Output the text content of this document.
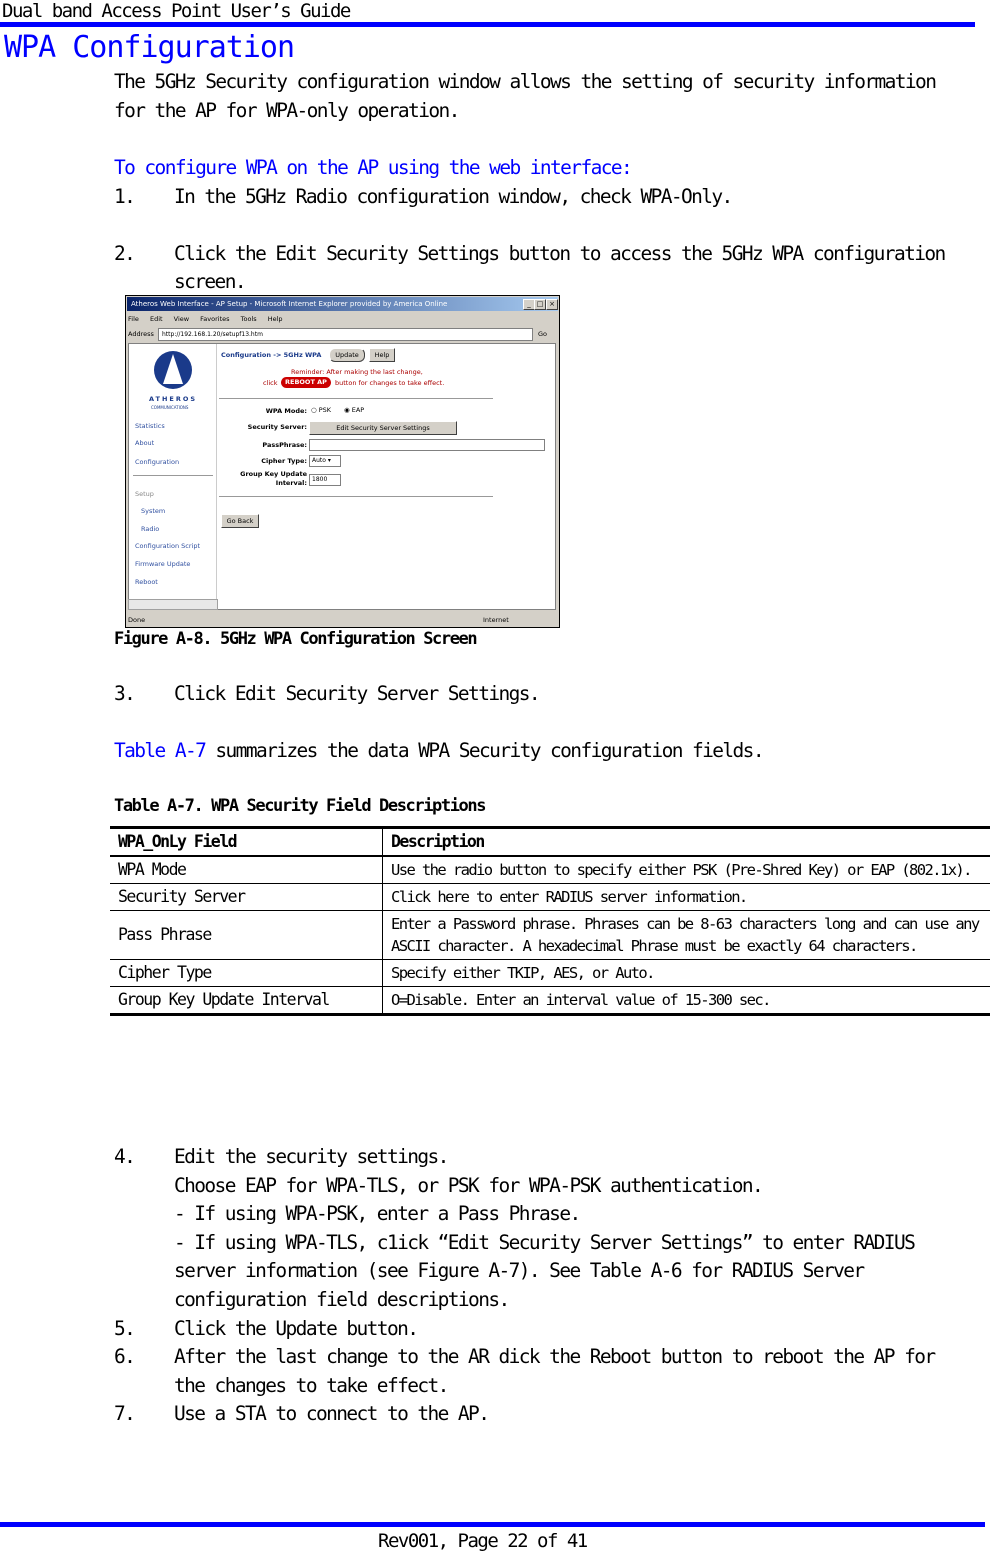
Dual band Access Point User’s Guide
WPA Configuration
The 5GHz Security configuration window allows the setting of security information
for the AP for WPA-only operation.
To configure WPA on the AP using the web interface:
1. In the 5GHz Radio configuration window, check WPA-Only.
2. Click the Edit Security Settings button to access the 5GHz WPA configuration
screen.
Atheros Web Interface - AP Setup - Microsoft Internet Explorer provided by America Online	_ □ ×
File Edit View Favorites Tools Help
Address	http://192.168.1.20/setupf13.htm	Go
ATHEROS
COMMUNICATIONS
Statistics
About
Configuration
Setup
System
Radio
Configuration Script
Firmware Update
Reboot
Configuration -> 5GHz WPA	Update	Help
Reminder: After making the last change,
click	REBOOT AP	button for changes to take effect.
WPA Mode: ○ PSK ◉ EAP
Security Server:	Edit Security Server Settings
PassPhrase:
Cipher Type: Auto ▾
Group Key Update
Interval: 1800
Go Back
Done	Internet
Figure A-8. 5GHz WPA Configuration Screen
3. Click Edit Security Server Settings.
Table A-7 summarizes the data WPA Security configuration fields.
Table A-7. WPA Security Field Descriptions
WPA_OnLy Field	Description
WPA Mode	Use the radio button to specify either PSK (Pre-Shred Key) or EAP (802.1x).
Security Server	Click here to enter RADIUS server information.
Pass Phrase	Enter a Password phrase. Phrases can be 8-63 characters long and can use any ASCII character. A hexadecimal Phrase must be exactly 64 characters.
Cipher Type	Specify either TKIP, AES, or Auto.
Group Key Update Interval	O=Disable. Enter an interval value of 15-300 sec.
4. Edit the security settings.
Choose EAP for WPA-TLS, or PSK for WPA-PSK authentication.
- If using WPA-PSK, enter a Pass Phrase.
- If using WPA-TLS, c1ick “Edit Security Server Settings” to enter RADIUS
server information (see Figure A-7). See Table A-6 for RADIUS Server
configuration field descriptions.
5. Click the Update button.
6. After the last change to the AR dick the Reboot button to reboot the AP for
the changes to take effect.
7. Use a STA to connect to the AP.
Rev001, Page 22 of 41
